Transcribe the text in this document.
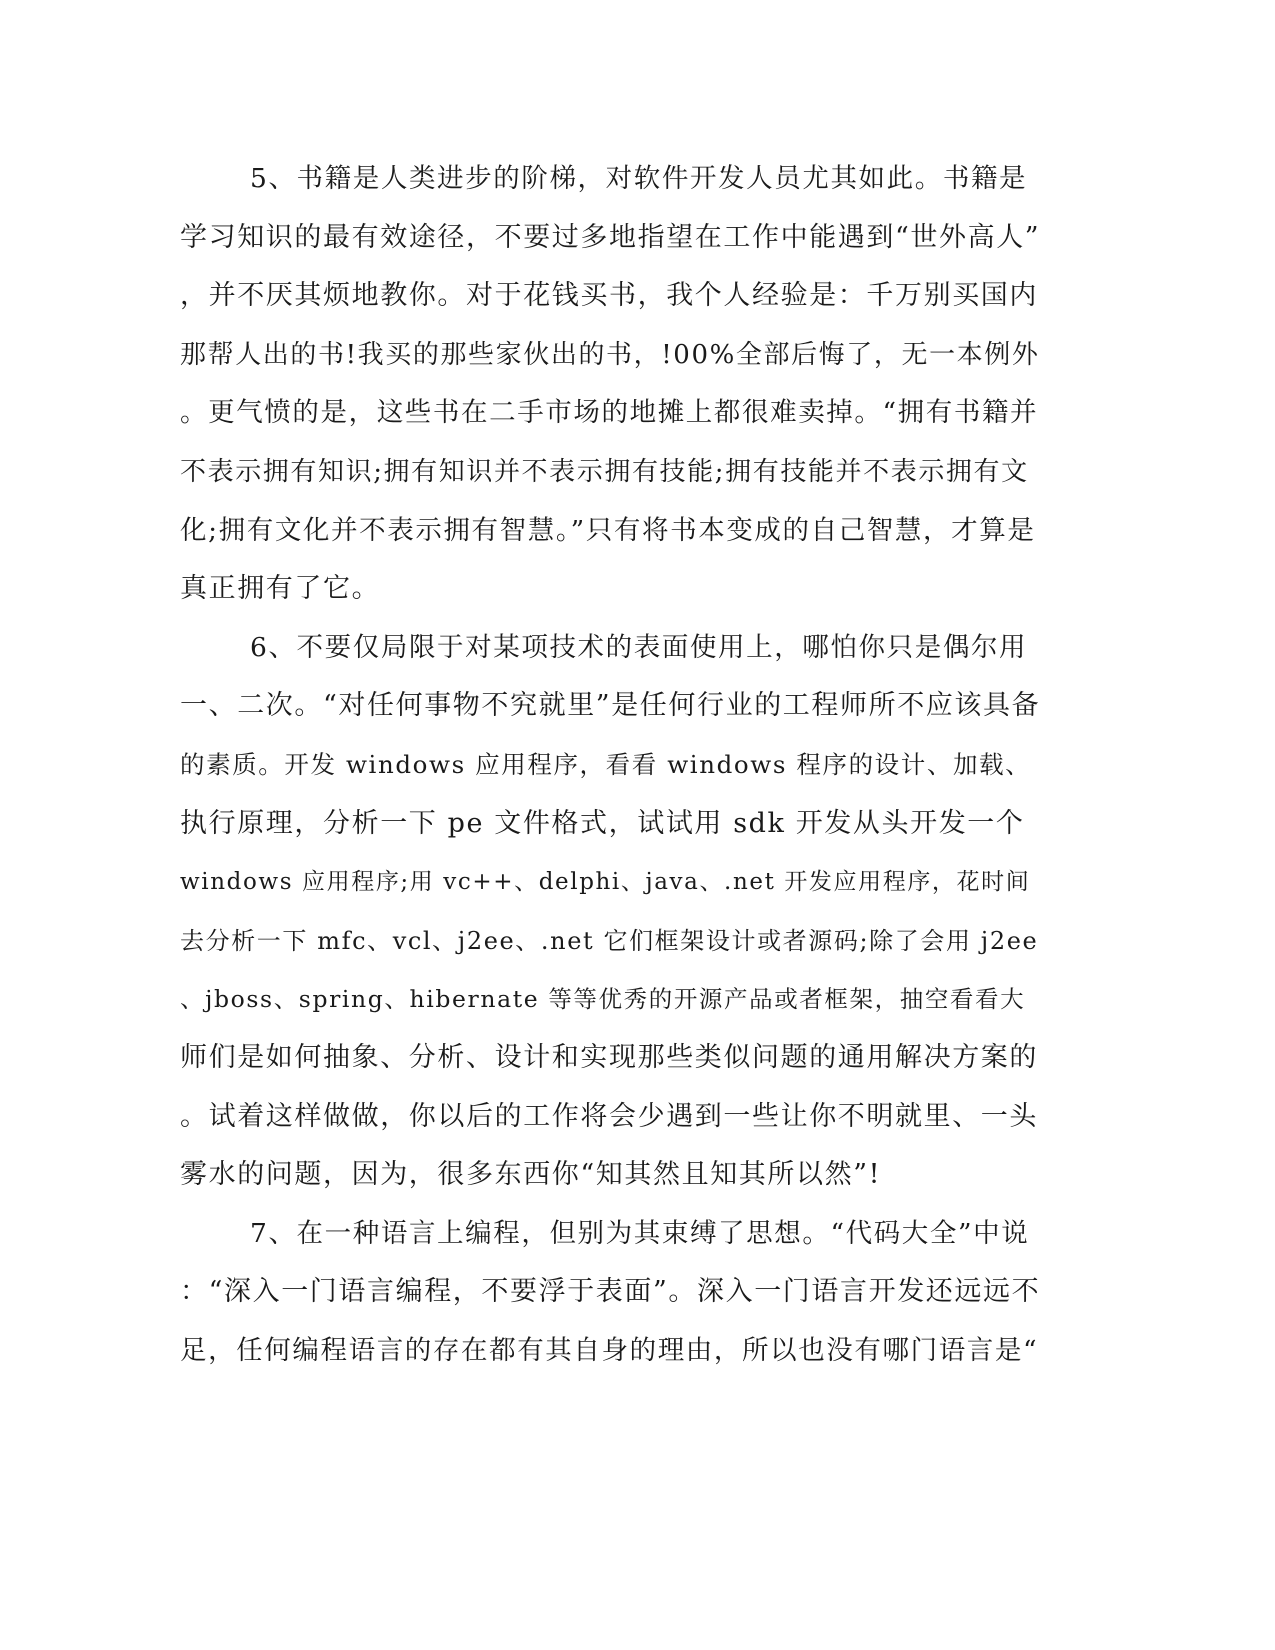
5、书籍是人类进步的阶梯，对软件开发人员尤其如此。书籍是
学习知识的最有效途径，不要过多地指望在工作中能遇到“世外高人”
，并不厌其烦地教你。对于花钱买书，我个人经验是：千万别买国内
那帮人出的书!我买的那些家伙出的书，!00%全部后悔了，无一本例外
。更气愤的是，这些书在二手市场的地摊上都很难卖掉。“拥有书籍并
不表示拥有知识;拥有知识并不表示拥有技能;拥有技能并不表示拥有文
化;拥有文化并不表示拥有智慧。”只有将书本变成的自己智慧，才算是
真正拥有了它。
6、不要仅局限于对某项技术的表面使用上，哪怕你只是偶尔用
一、二次。“对任何事物不究就里”是任何行业的工程师所不应该具备
的素质。开发 windows 应用程序，看看 windows 程序的设计、加载、
执行原理，分析一下 pe 文件格式，试试用 sdk 开发从头开发一个
windows 应用程序;用 vc++、delphi、java、.net 开发应用程序，花时间
去分析一下 mfc、vcl、j2ee、.net 它们框架设计或者源码;除了会用 j2ee
、jboss、spring、hibernate 等等优秀的开源产品或者框架，抽空看看大
师们是如何抽象、分析、设计和实现那些类似问题的通用解决方案的
。试着这样做做，你以后的工作将会少遇到一些让你不明就里、一头
雾水的问题，因为，很多东西你“知其然且知其所以然”!
7、在一种语言上编程，但别为其束缚了思想。“代码大全”中说
：“深入一门语言编程，不要浮于表面”。深入一门语言开发还远远不
足，任何编程语言的存在都有其自身的理由，所以也没有哪门语言是“
